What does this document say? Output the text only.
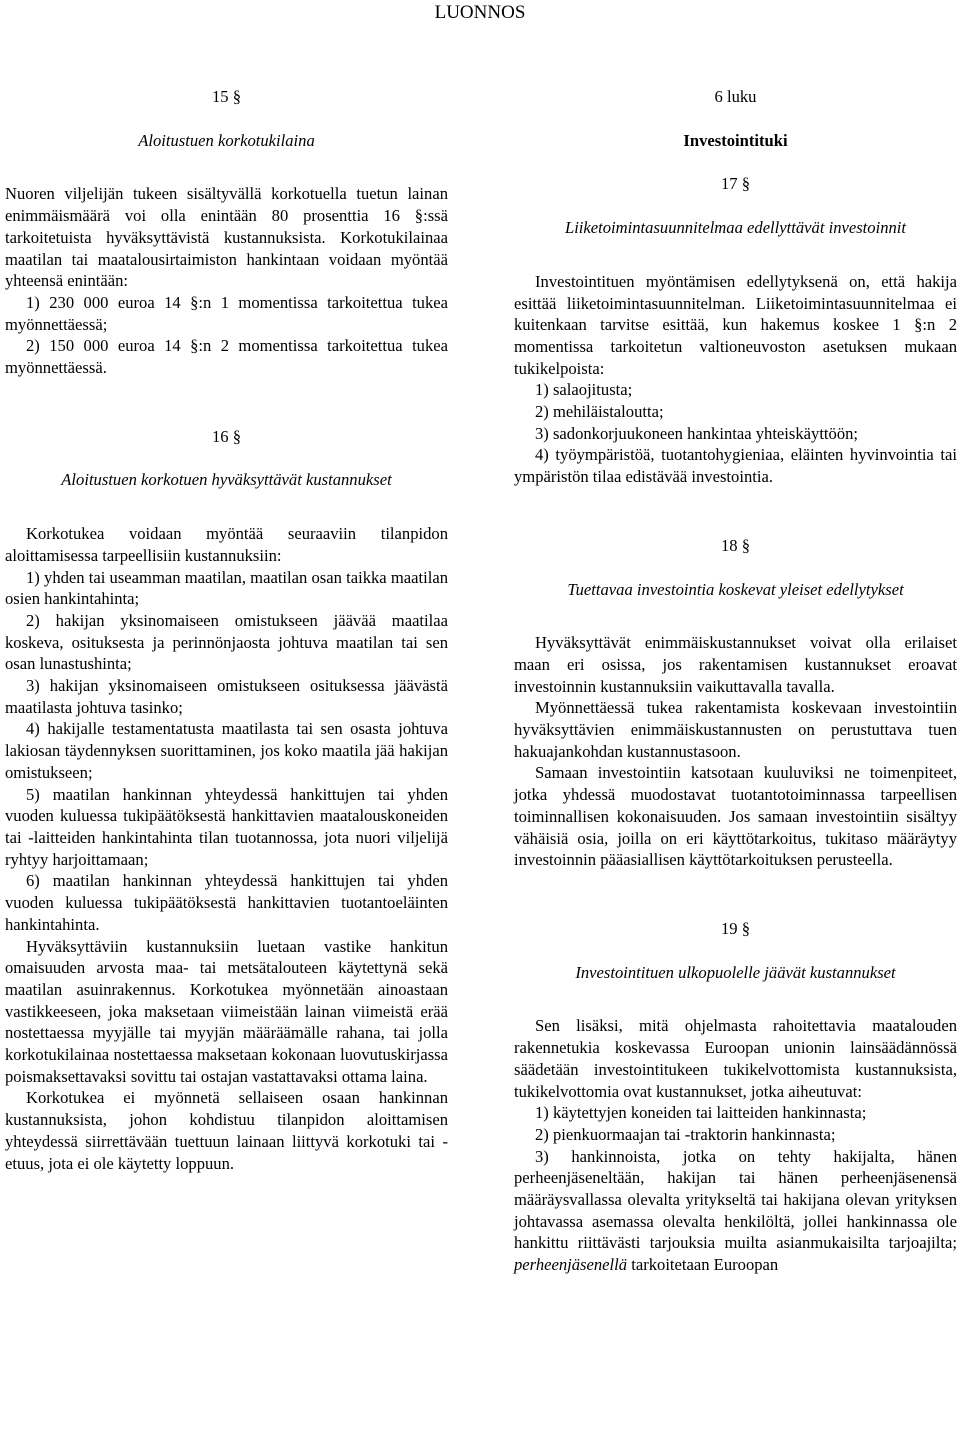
LUONNOS

15 §

Aloitustuen korkotukilaina

Nuoren viljelijän tukeen sisältyvällä korkotuella tuetun lainan enimmäismäärä voi olla enintään 80 prosenttia 16 §:ssä tarkoitetuista hyväksyttävistä kustannuksista. Korkotukilainaa maatilan tai maatalousirtaimiston hankintaan voidaan myöntää yhteensä enintään:

1) 230 000 euroa 14 §:n 1 momentissa tarkoitettua tukea myönnettäessä;

2) 150 000 euroa 14 §:n 2 momentissa tarkoitettua tukea myönnettäessä.

16 §

Aloitustuen korkotuen hyväksyttävät kustannukset

Korkotukea voidaan myöntää seuraaviin tilanpidon aloittamisessa tarpeellisiin kustannuksiin:

1) yhden tai useamman maatilan, maatilan osan taikka maatilan osien hankintahinta;

2) hakijan yksinomaiseen omistukseen jäävää maatilaa koskeva, osituksesta ja perinnönjaosta johtuva maatilan tai sen osan lunastushinta;

3) hakijan yksinomaiseen omistukseen osituksessa jäävästä maatilasta johtuva tasinko;

4) hakijalle testamentatusta maatilasta tai sen osasta johtuva lakiosan täydennyksen suorittaminen, jos koko maatila jää hakijan omistukseen;

5) maatilan hankinnan yhteydessä hankittujen tai yhden vuoden kuluessa tukipäätöksestä hankittavien maatalouskoneiden tai -laitteiden hankintahinta tilan tuotannossa, jota nuori viljelijä ryhtyy harjoittamaan;

6) maatilan hankinnan yhteydessä hankittujen tai yhden vuoden kuluessa tukipäätöksestä hankittavien tuotantoeläinten hankintahinta.

Hyväksyttäviin kustannuksiin luetaan vastike hankitun omaisuuden arvosta maa- tai metsätalouteen käytettynä sekä maatilan asuinrakennus. Korkotukea myönnetään ainoastaan vastikkeeseen, joka maksetaan viimeistään lainan viimeistä erää nostettaessa myyjälle tai myyjän määräämälle rahana, tai jolla korkotukilainaa nostettaessa maksetaan kokonaan luovutuskirjassa poismaksettavaksi sovittu tai ostajan vastattavaksi ottama laina.

Korkotukea ei myönnetä sellaiseen osaan hankinnan kustannuksista, johon kohdistuu tilanpidon aloittamisen yhteydessä siirrettävään tuettuun lainaan liittyvä korkotuki tai -etuus, jota ei ole käytetty loppuun.

6 luku

Investointituki

17 §

Liiketoimintasuunnitelmaa edellyttävät investoinnit

Investointituen myöntämisen edellytyksenä on, että hakija esittää liiketoimintasuunnitelman. Liiketoimintasuunnitelmaa ei kuitenkaan tarvitse esittää, kun hakemus koskee 1 §:n 2 momentissa tarkoitetun valtioneuvoston asetuksen mukaan tukikelpoista:

1) salaojitusta;

2) mehiläistaloutta;

3) sadonkorjuukoneen hankintaa yhteiskäyttöön;

4) työympäristöä, tuotantohygieniaa, eläinten hyvinvointia tai ympäristön tilaa edistävää investointia.

18 §

Tuettavaa investointia koskevat yleiset edellytykset

Hyväksyttävät enimmäiskustannukset voivat olla erilaiset maan eri osissa, jos rakentamisen kustannukset eroavat investoinnin kustannuksiin vaikuttavalla tavalla.

Myönnettäessä tukea rakentamista koskevaan investointiin hyväksyttävien enimmäiskustannusten on perustuttava tuen hakuajankohdan kustannustasoon.

Samaan investointiin katsotaan kuuluviksi ne toimenpiteet, jotka yhdessä muodostavat tuotantotoiminnassa tarpeellisen toiminnallisen kokonaisuuden. Jos samaan investointiin sisältyy vähäisiä osia, joilla on eri käyttötarkoitus, tukitaso määräytyy investoinnin pääasiallisen käyttötarkoituksen perusteella.

19 §

Investointituen ulkopuolelle jäävät kustannukset

Sen lisäksi, mitä ohjelmasta rahoitettavia maatalouden rakennetukia koskevassa Euroopan unionin lainsäädännössä säädetään investointitukeen tukikelvottomista kustannuksista, tukikelvottomia ovat kustannukset, jotka aiheutuvat:

1) käytettyjen koneiden tai laitteiden hankinnasta;

2) pienkuormaajan tai -traktorin hankinnasta;

3) hankinnoista, jotka on tehty hakijalta, hänen perheenjäseneltään, hakijan tai hänen perheenjäsenensä määräysvallassa olevalta yritykseltä tai hakijana olevan yrityksen johtavassa asemassa olevalta henkilöltä, jollei hankinnassa ole hankittu riittävästi tarjouksia muilta asianmukaisilta tarjoajilta; perheenjäsenellä tarkoitetaan Euroopan
